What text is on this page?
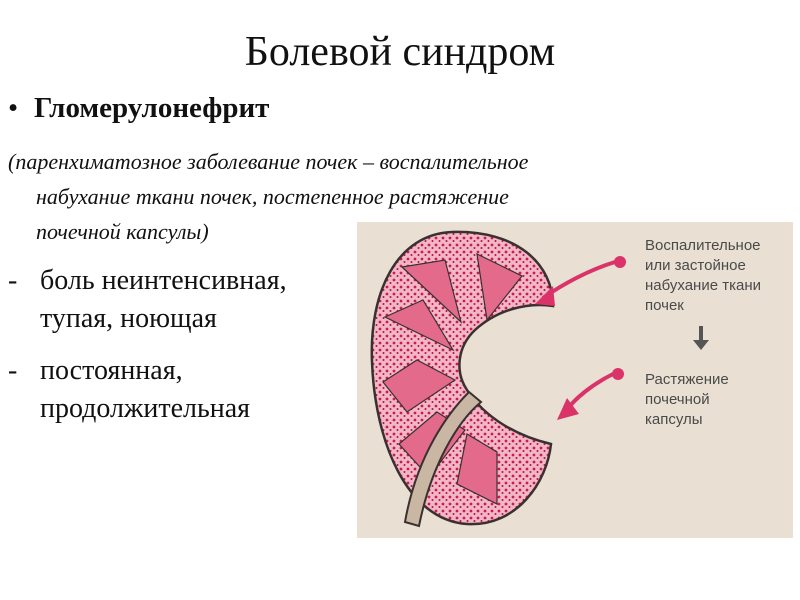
Болевой синдром
• Гломерулонефрит
(паренхиматозное заболевание почек – воспалительное
набухание ткани почек, постепенное растяжение
почечной капсулы)
- боль неинтенсивная,
тупая, ноющая
- постоянная,
продолжительная
Воспалительное или застойное набухание ткани почек
Растяжение почечной капсулы
